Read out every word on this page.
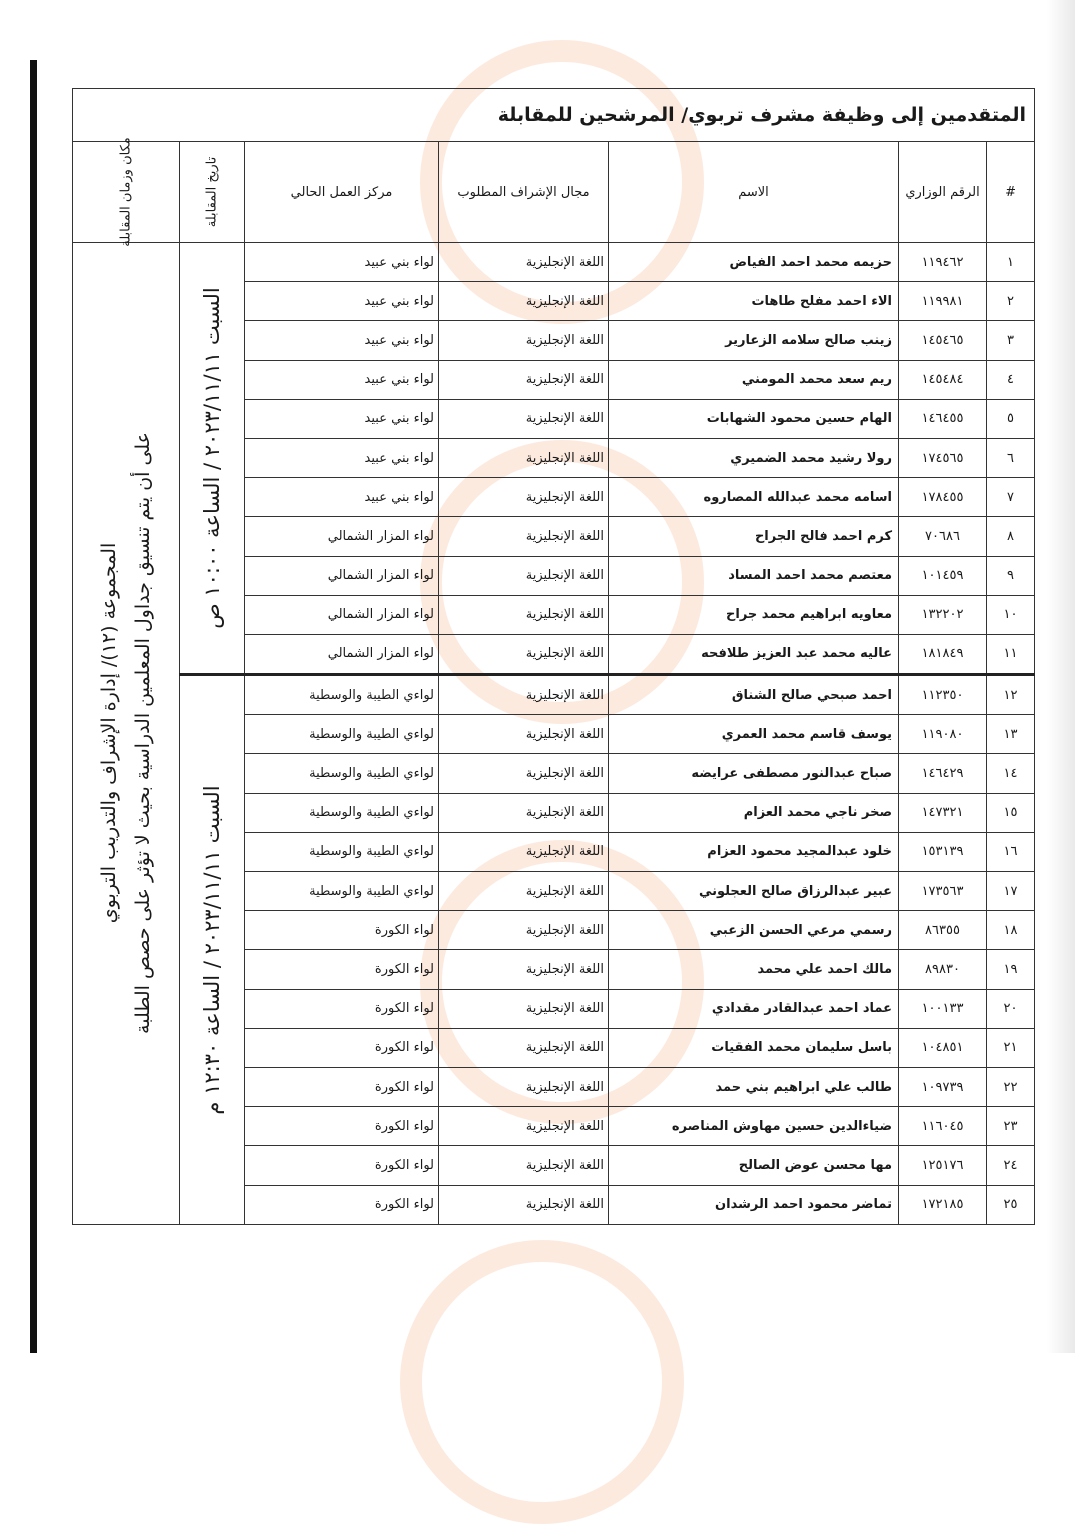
المتقدمين إلى وظيفة مشرف تربوي/ المرشحين للمقابلة						
#	الرقم الوزاري	الاسم	مجال الإشراف المطلوب	مركز العمل الحالي	تاريخ المقابلة	مكان وزمان المقابلة

١	١١٩٤٦٢	حزيمه محمد احمد الفياض	اللغة الإنجليزية	لواء بني عبيد	السبت ٢٠٢٣/١١/١١ / الساعة ١٠:٠٠ ص	المجموعة (١٢)/ إدارة الإشراف والتدريب التربوي على أن يتم تنسيق جداول المعلمين الدراسية بحيث لا تؤثر على حصص الطلبة

٢	١١٩٩٨١	الاء احمد مفلح طاهات	اللغة الإنجليزية	لواء بني عبيد		
٣	١٤٥٤٦٥	زينب صالح سلامه الزعارير	اللغة الإنجليزية	لواء بني عبيد		
٤	١٤٥٤٨٤	ريم سعد محمد المومني	اللغة الإنجليزية	لواء بني عبيد		
٥	١٤٦٤٥٥	الهام حسين محمود الشهابات	اللغة الإنجليزية	لواء بني عبيد		
٦	١٧٤٥٦٥	رولا رشيد محمد الضميري	اللغة الإنجليزية	لواء بني عبيد		
٧	١٧٨٤٥٥	اسامه محمد عبدالله المصاروه	اللغة الإنجليزية	لواء بني عبيد		
٨	٧٠٦٨٦	كرم احمد فالح الجراح	اللغة الإنجليزية	لواء المزار الشمالي		
٩	١٠١٤٥٩	معتصم محمد احمد المساد	اللغة الإنجليزية	لواء المزار الشمالي		
١٠	١٣٢٢٠٢	معاويه ابراهيم محمد جراح	اللغة الإنجليزية	لواء المزار الشمالي		
١١	١٨١٨٤٩	عاليه محمد عبد العزيز طلافحه	اللغة الإنجليزية	لواء المزار الشمالي		
١٢	١١٢٣٥٠	احمد صبحي صالح الشناق	اللغة الإنجليزية	لواءي الطيبة والوسطية	السبت ٢٠٢٣/١١/١١ / الساعة ١٢:٣٠ م	

١٣	١١٩٠٨٠	يوسف قاسم محمد العمري	اللغة الإنجليزية	لواءي الطيبة والوسطية		
١٤	١٤٦٤٢٩	صباح عبدالنور مصطفى عرايضه	اللغة الإنجليزية	لواءي الطيبة والوسطية		
١٥	١٤٧٣٢١	صخر ناجي محمد العزام	اللغة الإنجليزية	لواءي الطيبة والوسطية		
١٦	١٥٣١٣٩	خلود عبدالمجيد محمود العزام	اللغة الإنجليزية	لواءي الطيبة والوسطية		
١٧	١٧٣٥٦٣	عبير عبدالرزاق صالح العجلوني	اللغة الإنجليزية	لواءي الطيبة والوسطية		
١٨	٨٦٣٥٥	رسمي مرعي الحسن الزعبي	اللغة الإنجليزية	لواء الكورة		
١٩	٨٩٨٣٠	مالك احمد علي محمد	اللغة الإنجليزية	لواء الكورة		
٢٠	١٠٠١٣٣	عماد احمد عبدالقادر مقدادي	اللغة الإنجليزية	لواء الكورة		
٢١	١٠٤٨٥١	باسل سليمان محمد الفقيات	اللغة الإنجليزية	لواء الكورة		
٢٢	١٠٩٧٣٩	طالب علي ابراهيم بني حمد	اللغة الإنجليزية	لواء الكورة		
٢٣	١١٦٠٤٥	ضياءالدين حسين مهاوش المناصره	اللغة الإنجليزية	لواء الكورة		
٢٤	١٢٥١٧٦	مها محسن عوض الصالح	اللغة الإنجليزية	لواء الكورة		
٢٥	١٧٢١٨٥	تماضر محمود احمد الرشدان	اللغة الإنجليزية	لواء الكورة		
